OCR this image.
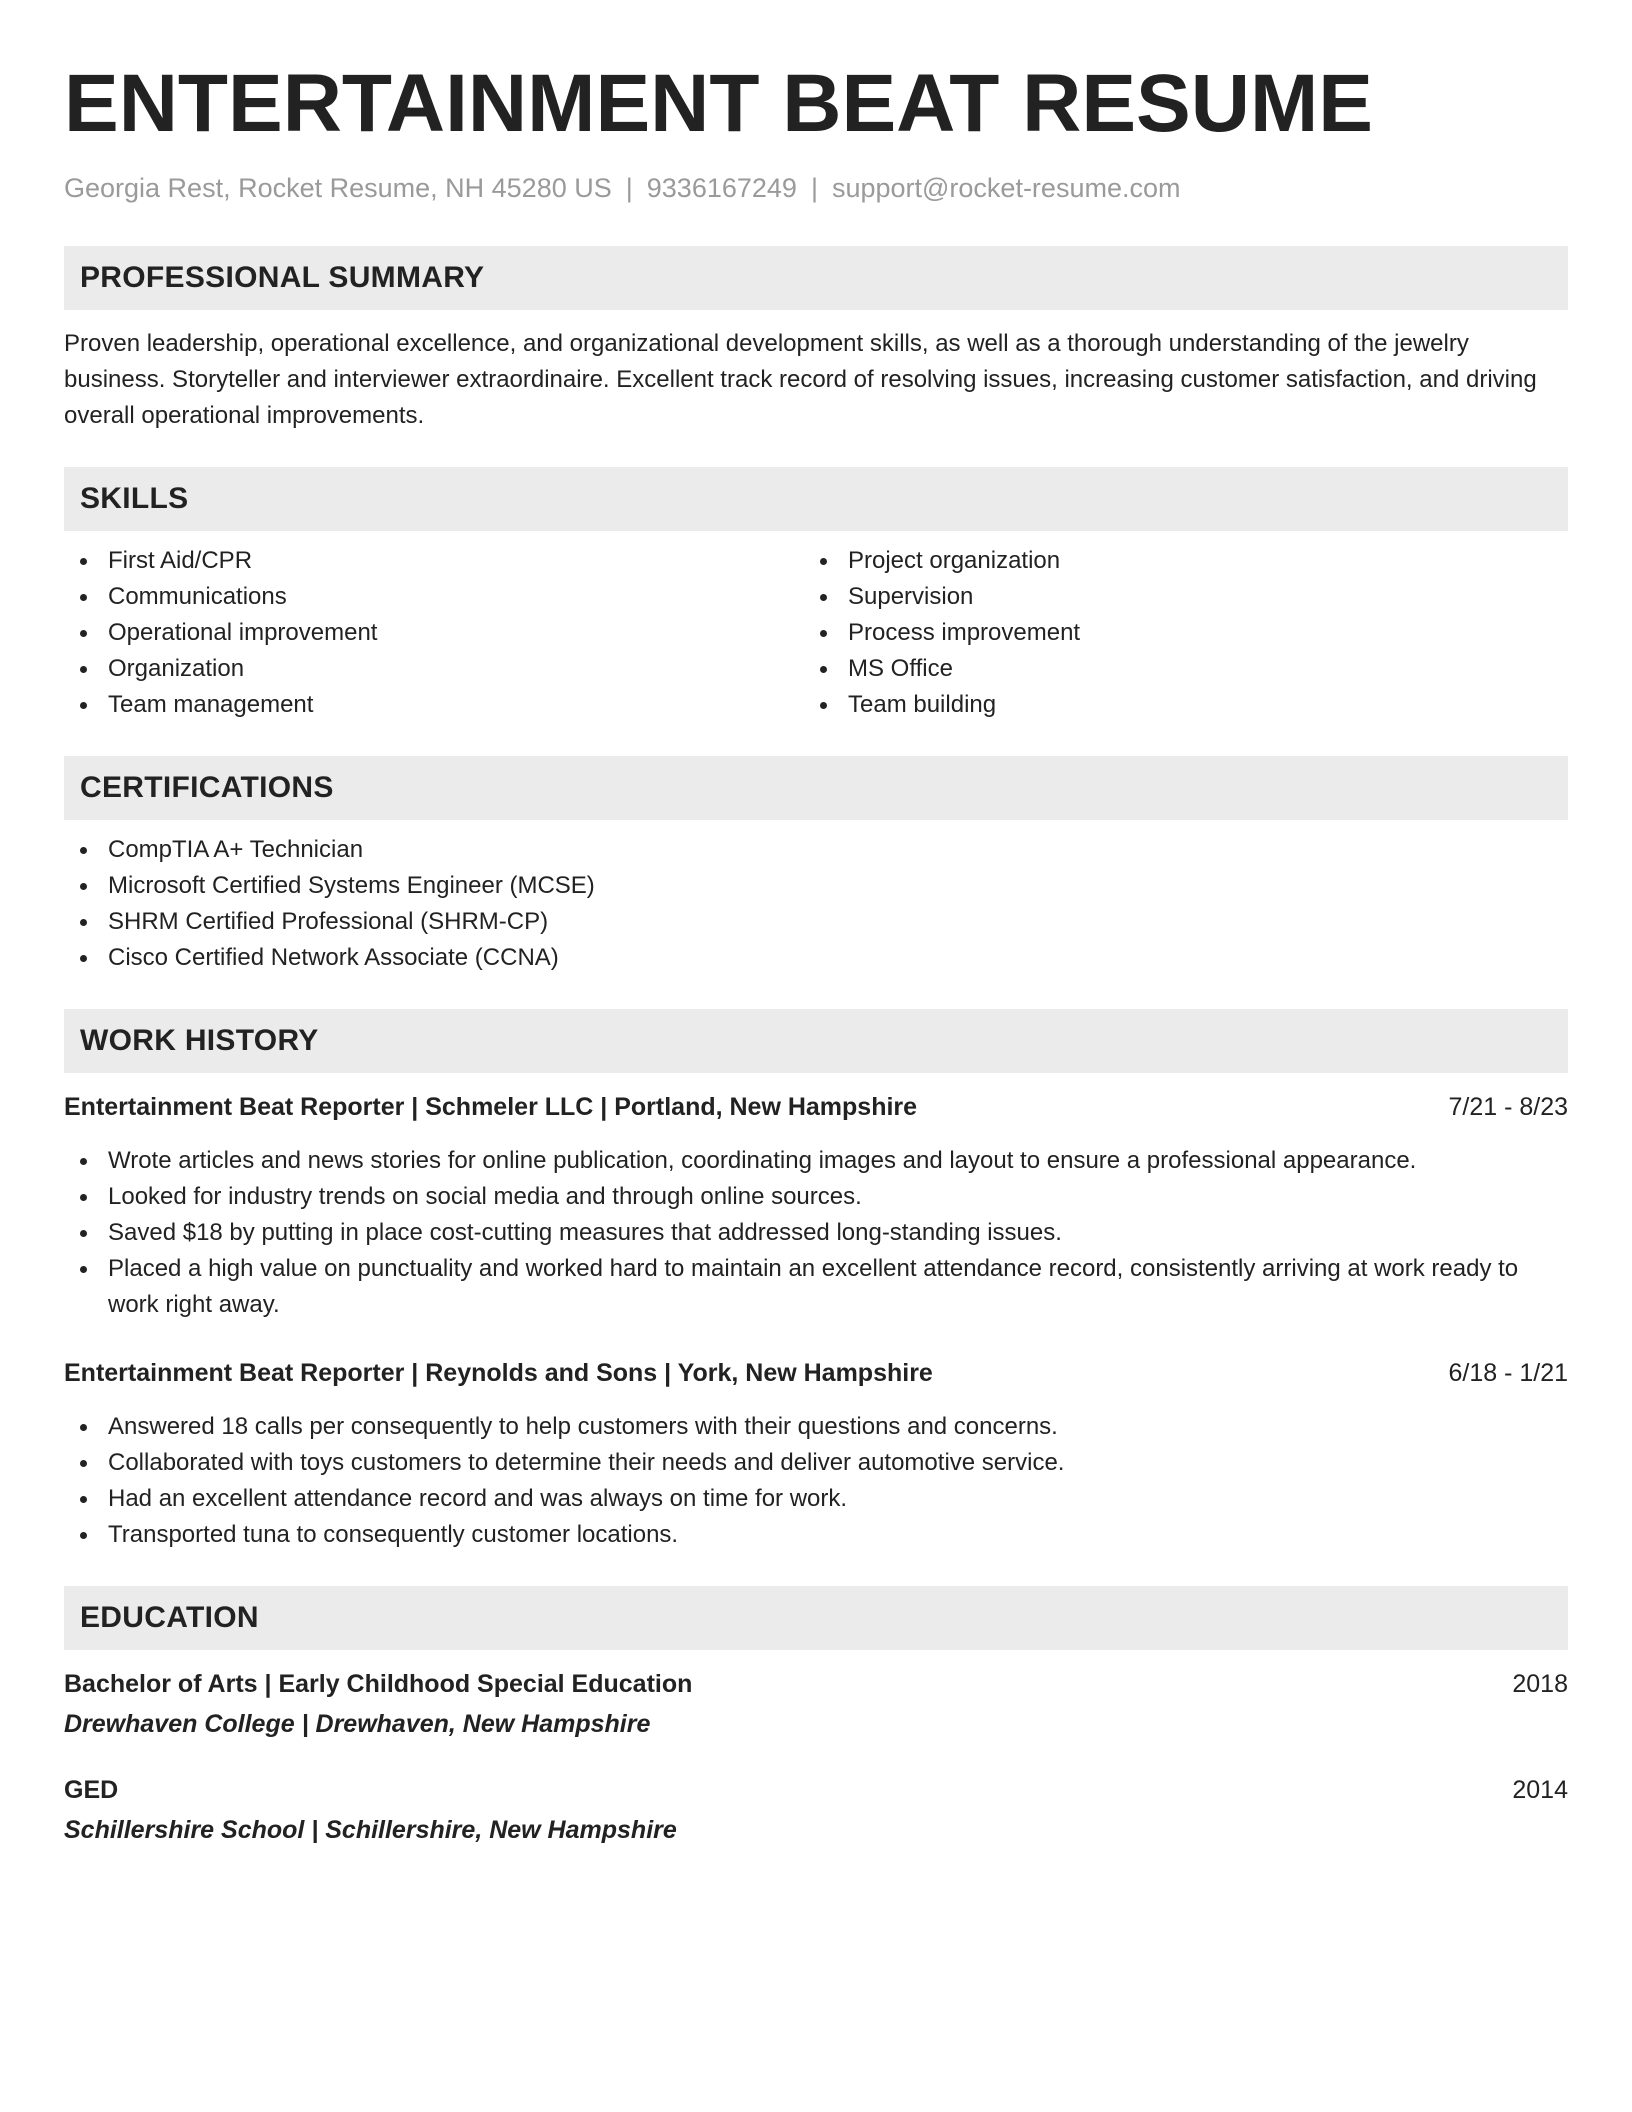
ENTERTAINMENT BEAT RESUME
Georgia Rest, Rocket Resume, NH 45280 US | 9336167249 | support@rocket-resume.com
PROFESSIONAL SUMMARY

Proven leadership, operational excellence, and organizational development skills, as well as a thorough understanding of the jewelry business. Storyteller and interviewer extraordinaire. Excellent track record of resolving issues, increasing customer satisfaction, and driving overall operational improvements.

SKILLS
First Aid/CPR
Communications
Operational improvement
Organization
Team management
Project organization
Supervision
Process improvement
MS Office
Team building
CERTIFICATIONS
CompTIA A+ Technician
Microsoft Certified Systems Engineer (MCSE)
SHRM Certified Professional (SHRM-CP)
Cisco Certified Network Associate (CCNA)
WORK HISTORY
Entertainment Beat Reporter | Schmeler LLC | Portland, New Hampshire	7/21 - 8/23
Wrote articles and news stories for online publication, coordinating images and layout to ensure a professional appearance.
Looked for industry trends on social media and through online sources.
Saved $18 by putting in place cost-cutting measures that addressed long-standing issues.
Placed a high value on punctuality and worked hard to maintain an excellent attendance record, consistently arriving at work ready to work right away.
Entertainment Beat Reporter | Reynolds and Sons | York, New Hampshire	6/18 - 1/21
Answered 18 calls per consequently to help customers with their questions and concerns.
Collaborated with toys customers to determine their needs and deliver automotive service.
Had an excellent attendance record and was always on time for work.
Transported tuna to consequently customer locations.
EDUCATION
Bachelor of Arts | Early Childhood Special Education	2018
Drewhaven College | Drewhaven, New Hampshire
GED	2014
Schillershire School | Schillershire, New Hampshire
